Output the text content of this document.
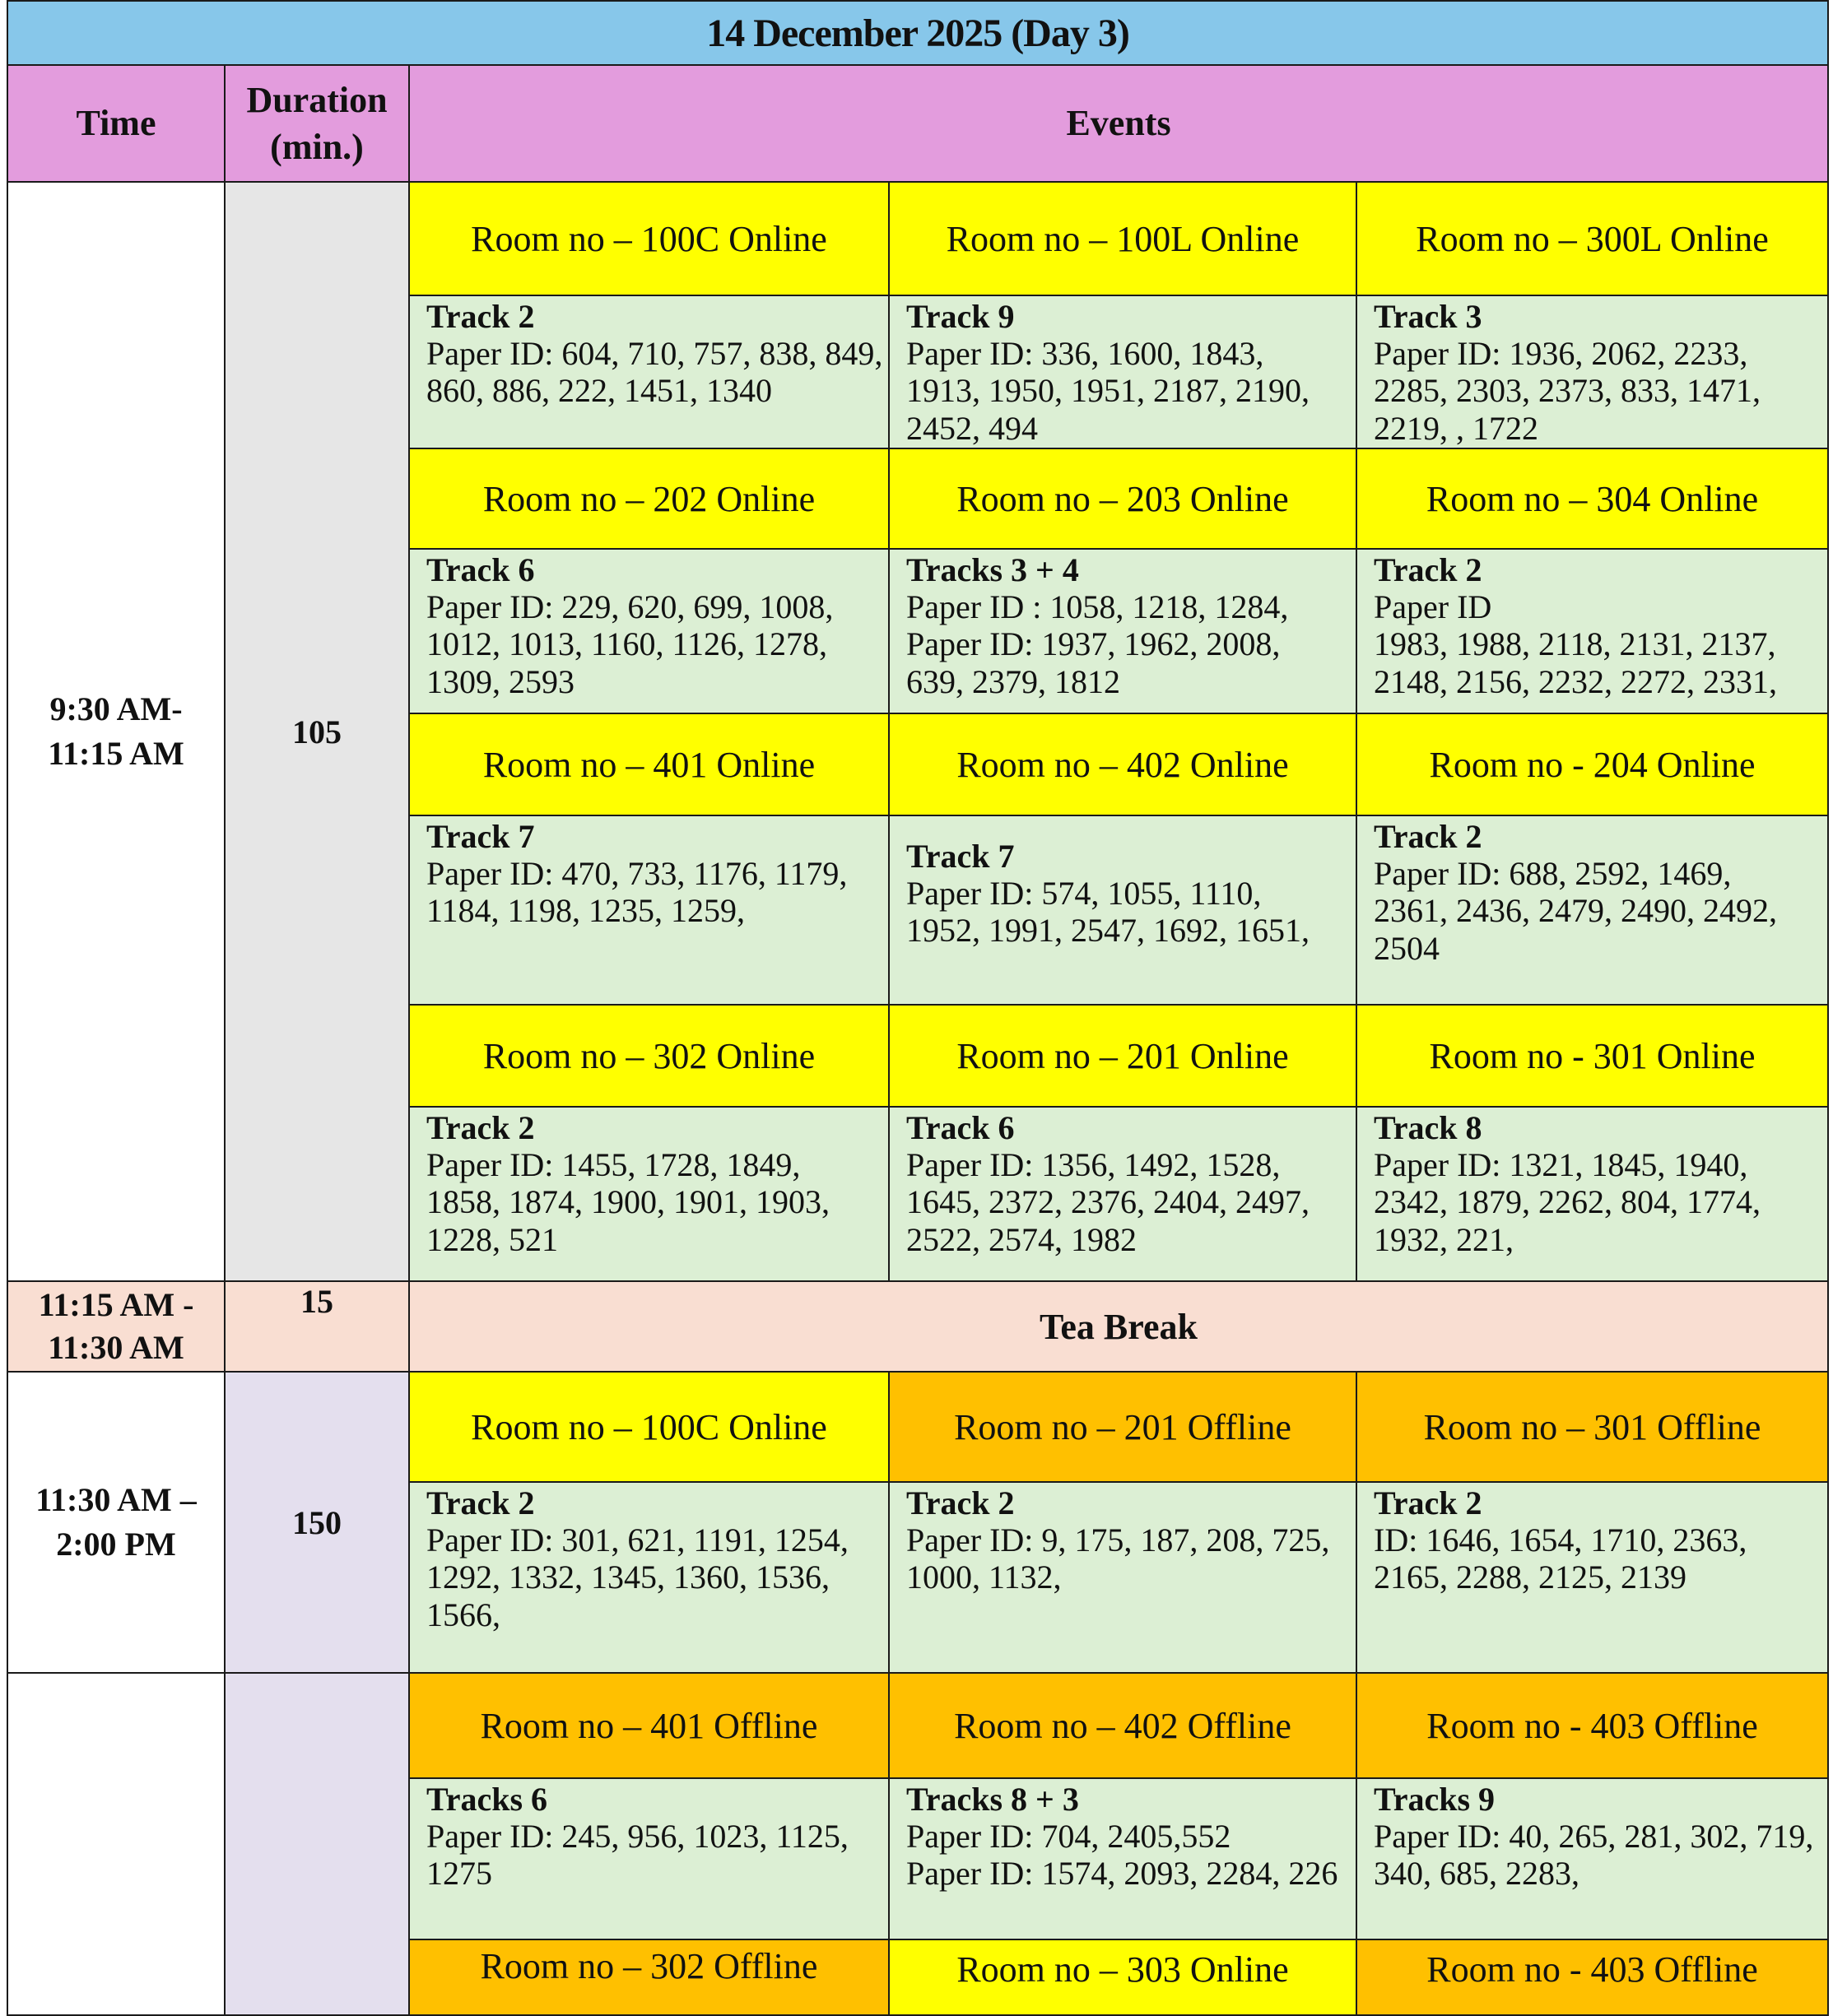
14 December 2025 (Day 3)				
Time	Duration
(min.)	Events		

9:30 AM-
11:15 AM	105	Room no – 100C Online	Room no – 100L Online	Room no – 300L Online

		Track 2
Paper ID: 604, 710, 757, 838, 849,
860, 886, 222, 1451, 1340	Track 9
Paper ID: 336, 1600, 1843,
1913, 1950, 1951, 2187, 2190,
2452, 494	Track 3
Paper ID: 1936, 2062, 2233,
2285, 2303, 2373, 833, 1471,
2219, , 1722

		Room no – 202 Online	Room no – 203 Online	Room no – 304 Online

		Track 6
Paper ID: 229, 620, 699, 1008,
1012, 1013, 1160, 1126, 1278,
1309, 2593	Tracks 3 + 4
Paper ID : 1058, 1218, 1284,
Paper ID: 1937, 1962, 2008,
639, 2379, 1812	Track 2
Paper ID
1983, 1988, 2118, 2131, 2137,
2148, 2156, 2232, 2272, 2331,

		Room no – 401 Online	Room no – 402 Online	Room no - 204 Online

		Track 7
Paper ID: 470, 733, 1176, 1179,
1184, 1198, 1235, 1259,	Track 7
Paper ID: 574, 1055, 1110,
1952, 1991, 2547, 1692, 1651,	Track 2
Paper ID: 688, 2592, 1469,
2361, 2436, 2479, 2490, 2492,
2504

		Room no – 302 Online	Room no – 201 Online	Room no - 301 Online

		Track 2
Paper ID: 1455, 1728, 1849,
1858, 1874, 1900, 1901, 1903,
1228, 521	Track 6
Paper ID: 1356, 1492, 1528,
1645, 2372, 2376, 2404, 2497,
2522, 2574, 1982	Track 8
Paper ID: 1321, 1845, 1940,
2342, 1879, 2262, 804, 1774,
1932, 221,

11:15 AM -
11:30 AM	15	Tea Break		

11:30 AM –
2:00 PM	150	Room no – 100C Online	Room no – 201 Offline	Room no – 301 Offline

		Track 2
Paper ID: 301, 621, 1191, 1254,
1292, 1332, 1345, 1360, 1536,
1566,	Track 2
Paper ID: 9, 175, 187, 208, 725,
1000, 1132,	Track 2
ID: 1646, 1654, 1710, 2363,
2165, 2288, 2125, 2139

		Room no – 401 Offline	Room no – 402 Offline	Room no - 403 Offline

		Tracks 6
Paper ID: 245, 956, 1023, 1125,
1275	Tracks 8 + 3
Paper ID: 704, 2405,552
Paper ID: 1574, 2093, 2284, 226	Tracks 9
Paper ID: 40, 265, 281, 302, 719,
340, 685, 2283,

		Room no – 302 Offline	Room no – 303 Online	Room no - 403 Offline
